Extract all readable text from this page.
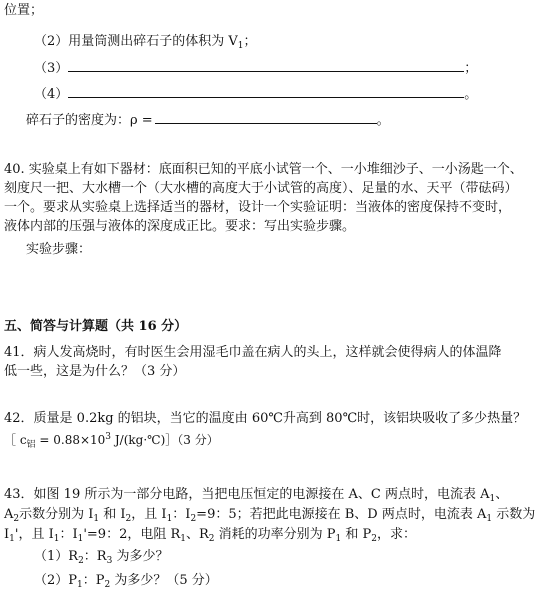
位置；
（2）用量筒测出碎石子的体积为 $V_1$；
（3）	；
（4）	。
碎石子的密度为：ρ =	。
40. 实验桌上有如下器材：底面积已知的平底小试管一个、一小堆细沙子、一小汤匙一个、
刻度尺一把、大水槽一个（大水槽的高度大于小试管的高度）、足量的水、天平（带砝码）
一个。要求从实验桌上选择适当的器材，设计一个实验证明：当液体的密度保持不变时，
液体内部的压强与液体的深度成正比。要求：写出实验步骤。
实验步骤：
五、简答与计算题（共 16 分）
41．病人发高烧时，有时医生会用湿毛巾盖在病人的头上，这样就会使得病人的体温降
低一些，这是为什么？（3 分）
42．质量是 0.2kg 的铝块，当它的温度由 60℃升高到 80℃时，该铝块吸收了多少热量？
［ $c_铝 = 0.88\times 10^3$ J/(kg·℃)］（3 分）
43．如图 19 所示为一部分电路，当把电压恒定的电源接在 A、C 两点时，电流表 $A_1$、
$A_2$示数分别为 $I_1$ 和 $I_2$，且 $I_1$：$I_2=9$：5；若把此电源接在 B、D 两点时，电流表 $A_1$ 示数为
$I_1'$，且 $I_1$：$I_1'=9$：2，电阻 $R_1$、$R_2$ 消耗的功率分别为 $P_1$ 和 $P_2$，求：
$(1)R_2$：$R_3$ 为多少？
$(2)P_1$：$P_2$ 为多少？（5 分）
